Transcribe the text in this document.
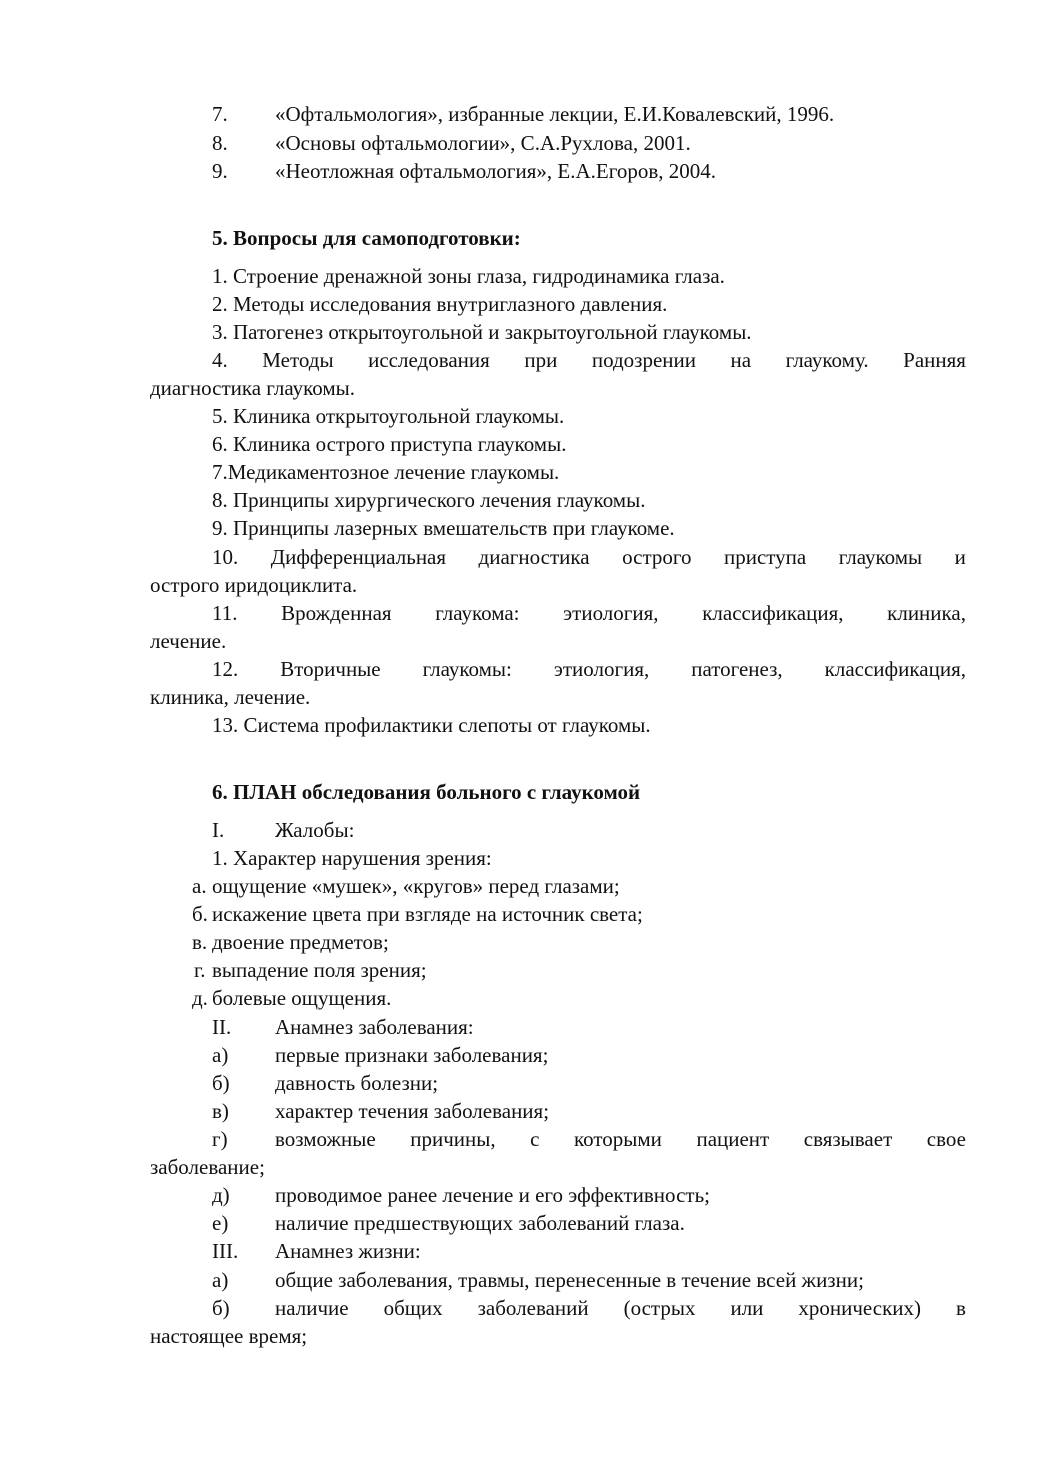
7. «Офтальмология», избранные лекции, Е.И.Ковалевский, 1996.
8. «Основы офтальмологии», С.А.Рухлова, 2001.
9. «Неотложная офтальмология», Е.А.Егоров, 2004.
5. Вопросы для самоподготовки:
1. Строение дренажной зоны глаза, гидродинамика глаза.
2. Методы исследования внутриглазного давления.
3. Патогенез открытоугольной и закрытоугольной глаукомы.
4. Методы исследования при подозрении на глаукому. Ранняя
диагностика глаукомы.
5. Клиника открытоугольной глаукомы.
6. Клиника острого приступа глаукомы.
7.Медикаментозное лечение глаукомы.
8. Принципы хирургического лечения глаукомы.
9. Принципы лазерных вмешательств при глаукоме.
10. Дифференциальная диагностика острого приступа глаукомы и
острого иридоциклита.
11. Врожденная глаукома: этиология, классификация, клиника,
лечение.
12. Вторичные глаукомы: этиология, патогенез, классификация,
клиника, лечение.
13. Система профилактики слепоты от глаукомы.
6. ПЛАН обследования больного с глаукомой
I. Жалобы:
1. Характер нарушения зрения:
а. ощущение «мушек», «кругов» перед глазами;
б. искажение цвета при взгляде на источник света;
в. двоение предметов;
г. выпадение поля зрения;
д. болевые ощущения.
II. Анамнез заболевания:
а) первые признаки заболевания;
б) давность болезни;
в) характер течения заболевания;
г) возможные причины, с которыми пациент связывает свое
заболевание;
д) проводимое ранее лечение и его эффективность;
е) наличие предшествующих заболеваний глаза.
III. Анамнез жизни:
а) общие заболевания, травмы, перенесенные в течение всей жизни;
б) наличие общих заболеваний (острых или хронических) в
настоящее время;
